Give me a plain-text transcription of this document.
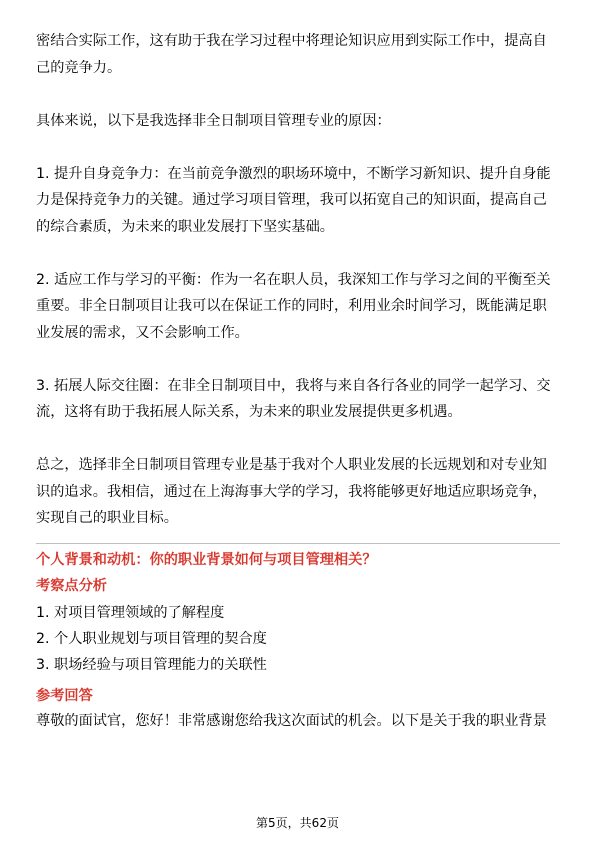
密结合实际工作，这有助于我在学习过程中将理论知识应用到实际工作中，提高自
己的竞争力。

具体来说，以下是我选择非全日制项目管理专业的原因：

1. 提升自身竞争力：在当前竞争激烈的职场环境中，不断学习新知识、提升自身能
力是保持竞争力的关键。通过学习项目管理，我可以拓宽自己的知识面，提高自己
的综合素质，为未来的职业发展打下坚实基础。

2. 适应工作与学习的平衡：作为一名在职人员，我深知工作与学习之间的平衡至关
重要。非全日制项目让我可以在保证工作的同时，利用业余时间学习，既能满足职
业发展的需求，又不会影响工作。

3. 拓展人际交往圈：在非全日制项目中，我将与来自各行各业的同学一起学习、交
流，这将有助于我拓展人际关系，为未来的职业发展提供更多机遇。

总之，选择非全日制项目管理专业是基于我对个人职业发展的长远规划和对专业知
识的追求。我相信，通过在上海海事大学的学习，我将能够更好地适应职场竞争，
实现自己的职业目标。

个人背景和动机：你的职业背景如何与项目管理相关？
考察点分析

1. 对项目管理领域的了解程度

2. 个人职业规划与项目管理的契合度

3. 职场经验与项目管理能力的关联性

参考回答

尊敬的面试官，您好！非常感谢您给我这次面试的机会。以下是关于我的职业背景

第5页，共62页
